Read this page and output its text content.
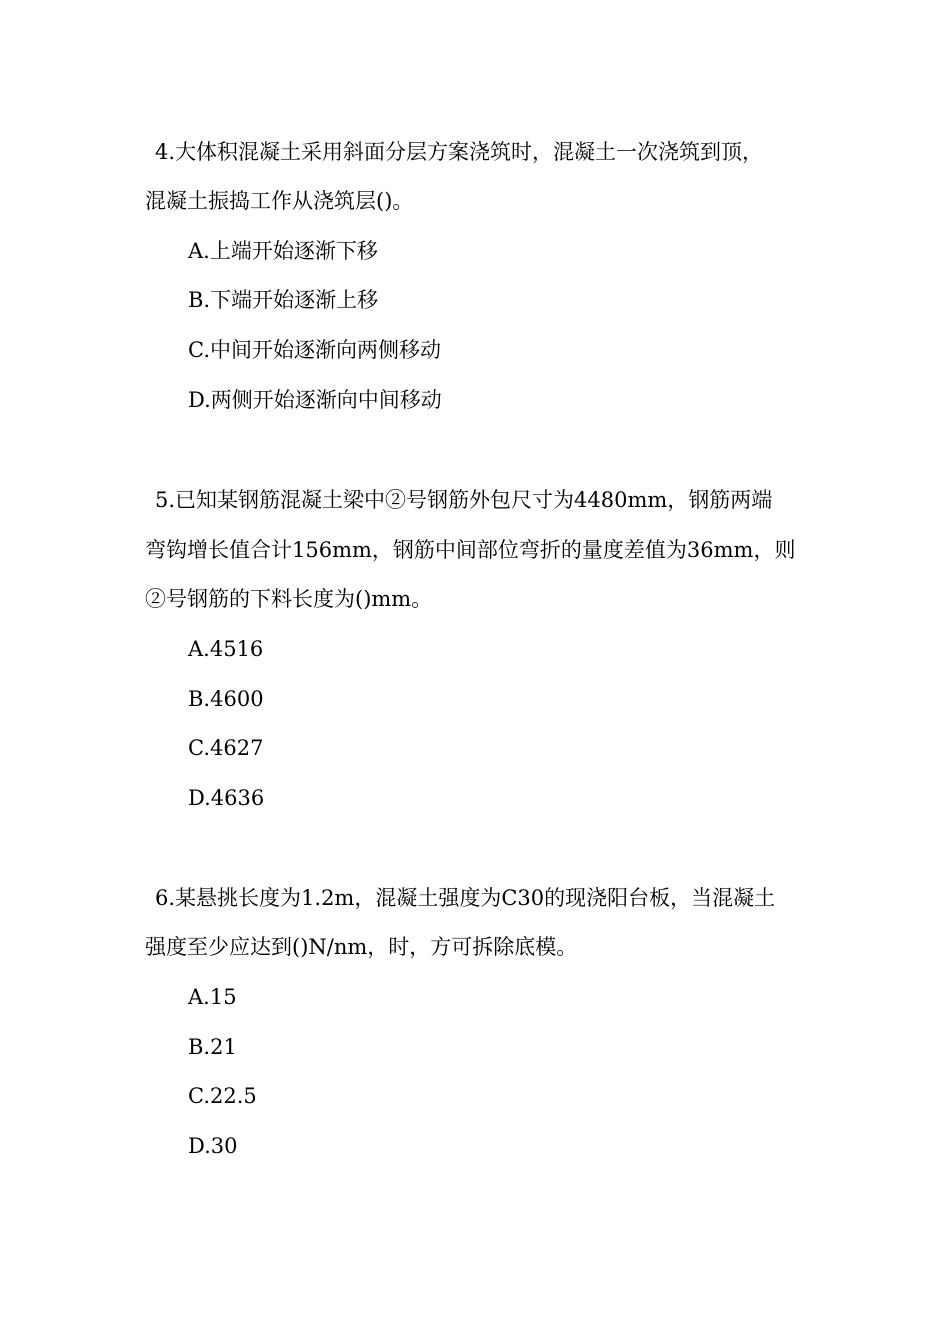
4.大体积混凝土采用斜面分层方案浇筑时，混凝土一次浇筑到顶，
混凝土振捣工作从浇筑层()。
A.上端开始逐渐下移
B.下端开始逐渐上移
C.中间开始逐渐向两侧移动
D.两侧开始逐渐向中间移动
5.已知某钢筋混凝土梁中②号钢筋外包尺寸为4480mm，钢筋两端
弯钩增长值合计156mm，钢筋中间部位弯折的量度差值为36mm，则
②号钢筋的下料长度为()mm。
A.4516
B.4600
C.4627
D.4636
6.某悬挑长度为1.2m，混凝土强度为C30的现浇阳台板，当混凝土
强度至少应达到()N/nm，时，方可拆除底模。
A.15
B.21
C.22.5
D.30
